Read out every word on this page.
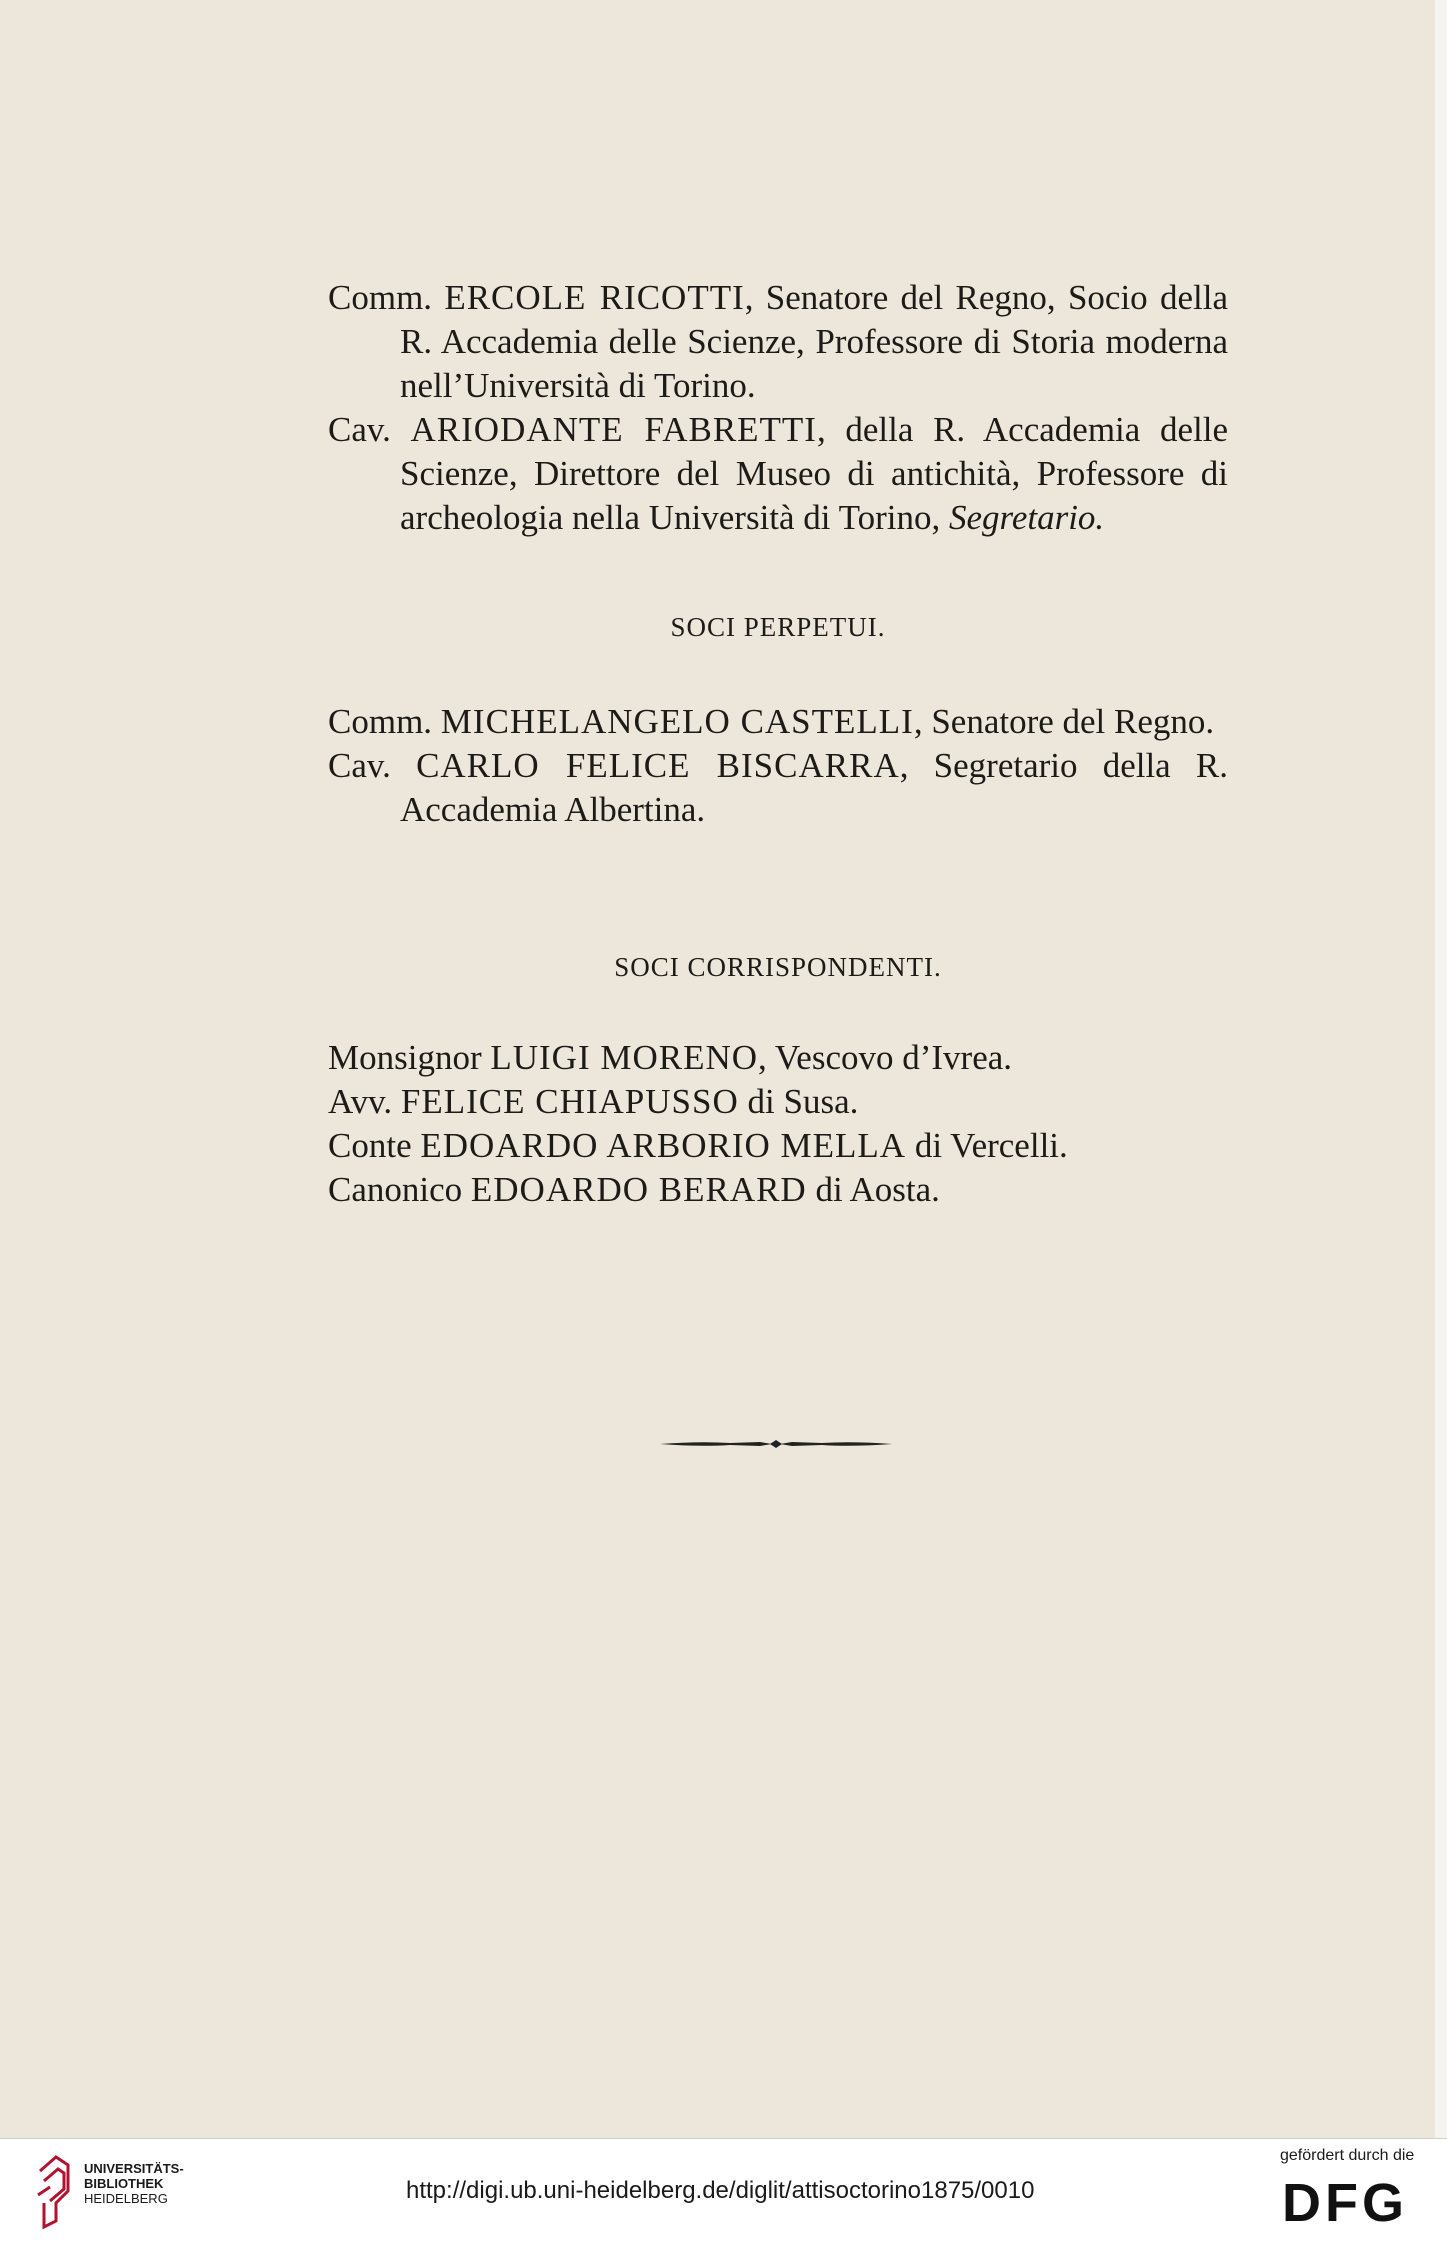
Comm. ERCOLE RICOTTI, Senatore del Regno, Socio della R. Accademia delle Scienze, Professore di Storia moderna nell’Università di Torino.

Cav. ARIODANTE FABRETTI, della R. Accademia delle Scienze, Direttore del Museo di antichità, Professore di archeologia nella Università di Torino, Segretario.

SOCI PERPETUI.

Comm. MICHELANGELO CASTELLI, Senatore del Regno.

Cav. CARLO FELICE BISCARRA, Segretario della R. Accademia Albertina.

SOCI CORRISPONDENTI.

Monsignor LUIGI MORENO, Vescovo d’Ivrea.

Avv. FELICE CHIAPUSSO di Susa.

Conte EDOARDO ARBORIO MELLA di Vercelli.

Canonico EDOARDO BERARD di Aosta.

UNIVERSITÄTS-
BIBLIOTHEK
HEIDELBERG	http://digi.ub.uni-heidelberg.de/diglit/attisoctorino1875/0010
gefördert durch die
DFG
